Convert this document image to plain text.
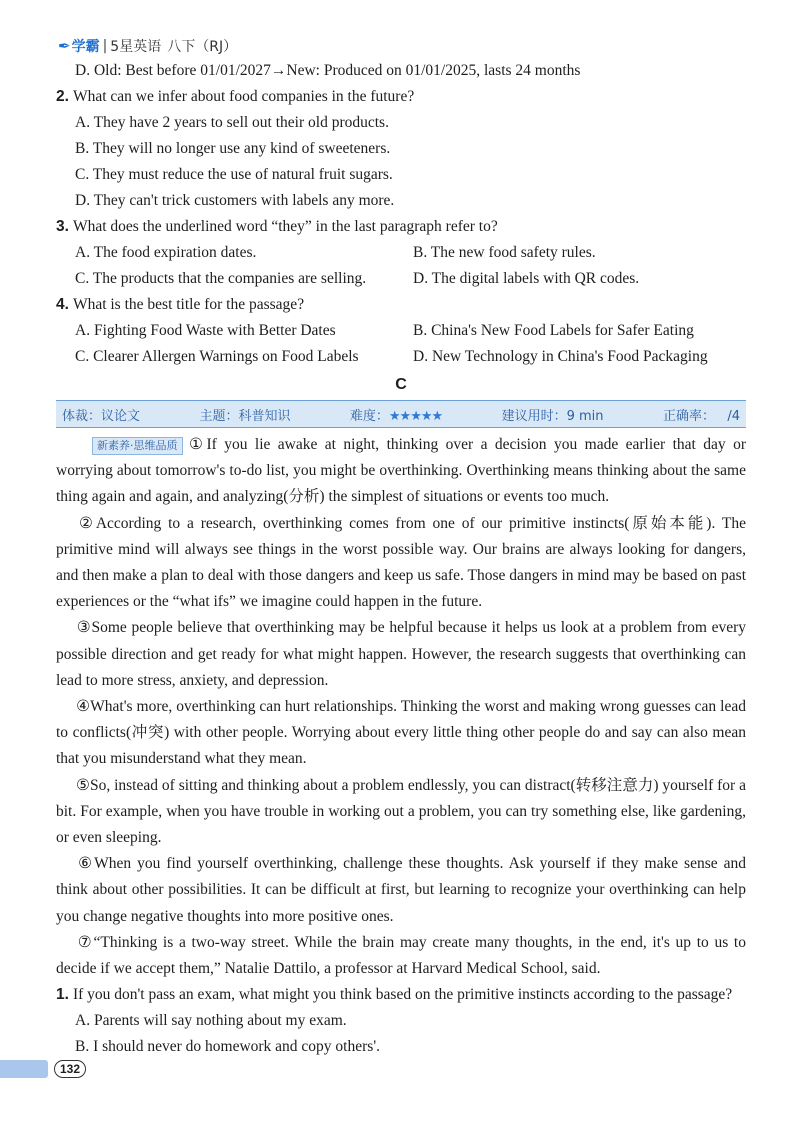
✒ 学霸 | 5星英语 八下（RJ）
D. Old: Best before 01/01/2027→New: Produced on 01/01/2025, lasts 24 months
2. What can we infer about food companies in the future?
A. They have 2 years to sell out their old products.
B. They will no longer use any kind of sweeteners.
C. They must reduce the use of natural fruit sugars.
D. They can't trick customers with labels any more.
3. What does the underlined word “they” in the last paragraph refer to?
A. The food expiration dates.	B. The new food safety rules.
C. The products that the companies are selling.	D. The digital labels with QR codes.
4. What is the best title for the passage?
A. Fighting Food Waste with Better Dates	B. China's New Food Labels for Safer Eating
C. Clearer Allergen Warnings on Food Labels	D. New Technology in China's Food Packaging
C
体裁：议论文	主题：科普知识	难度：★★★★★	建议用时：9 min	正确率：   /4
新素养·思维品质 ①If you lie awake at night, thinking over a decision you made earlier that day or worrying about tomorrow's to-do list, you might be overthinking. Overthinking means thinking about the same thing again and again, and analyzing(分析) the simplest of situations or events too much.
②According to a research, overthinking comes from one of our primitive instincts(原始本能). The primitive mind will always see things in the worst possible way. Our brains are always looking for dangers, and then make a plan to deal with those dangers and keep us safe. Those dangers in mind may be based on past experiences or the “what ifs” we imagine could happen in the future.
③Some people believe that overthinking may be helpful because it helps us look at a problem from every possible direction and get ready for what might happen. However, the research suggests that overthinking can lead to more stress, anxiety, and depression.
④What's more, overthinking can hurt relationships. Thinking the worst and making wrong guesses can lead to conflicts(冲突) with other people. Worrying about every little thing other people do and say can also mean that you misunderstand what they mean.
⑤So, instead of sitting and thinking about a problem endlessly, you can distract(转移注意力) yourself for a bit. For example, when you have trouble in working out a problem, you can try something else, like gardening, or even sleeping.
⑥When you find yourself overthinking, challenge these thoughts. Ask yourself if they make sense and think about other possibilities. It can be difficult at first, but learning to recognize your overthinking can help you change negative thoughts into more positive ones.
⑦“Thinking is a two-way street. While the brain may create many thoughts, in the end, it's up to us to decide if we accept them,” Natalie Dattilo, a professor at Harvard Medical School, said.
1. If you don't pass an exam, what might you think based on the primitive instincts according to the passage?
A. Parents will say nothing about my exam.
B. I should never do homework and copy others'.
132
